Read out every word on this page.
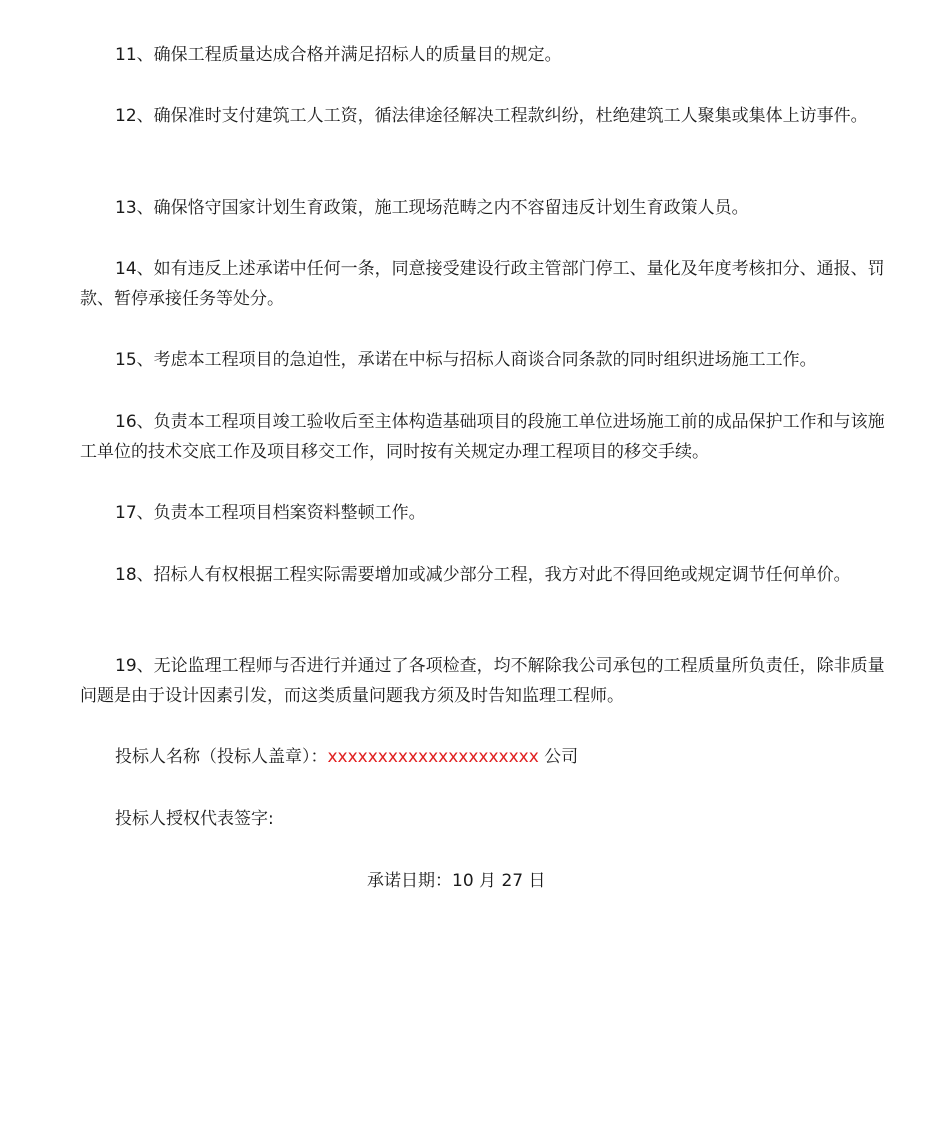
11、确保工程质量达成合格并满足招标人的质量目的规定。

12、确保准时支付建筑工人工资，循法律途径解决工程款纠纷，杜绝建筑工人聚集或集体上访事件。

13、确保恪守国家计划生育政策，施工现场范畴之内不容留违反计划生育政策人员。

14、如有违反上述承诺中任何一条，同意接受建设行政主管部门停工、量化及年度考核扣分、通报、罚款、暂停承接任务等处分。

15、考虑本工程项目的急迫性，承诺在中标与招标人商谈合同条款的同时组织进场施工工作。

16、负责本工程项目竣工验收后至主体构造基础项目的段施工单位进场施工前的成品保护工作和与该施工单位的技术交底工作及项目移交工作，同时按有关规定办理工程项目的移交手续。

17、负责本工程项目档案资料整顿工作。

18、招标人有权根据工程实际需要增加或减少部分工程，我方对此不得回绝或规定调节任何单价。

19、无论监理工程师与否进行并通过了各项检查，均不解除我公司承包的工程质量所负责任，除非质量问题是由于设计因素引发，而这类质量问题我方须及时告知监理工程师。

投标人名称（投标人盖章）：xxxxxxxxxxxxxxxxxxxxx 公司
投标人授权代表签字:
承诺日期：10 月 27 日
